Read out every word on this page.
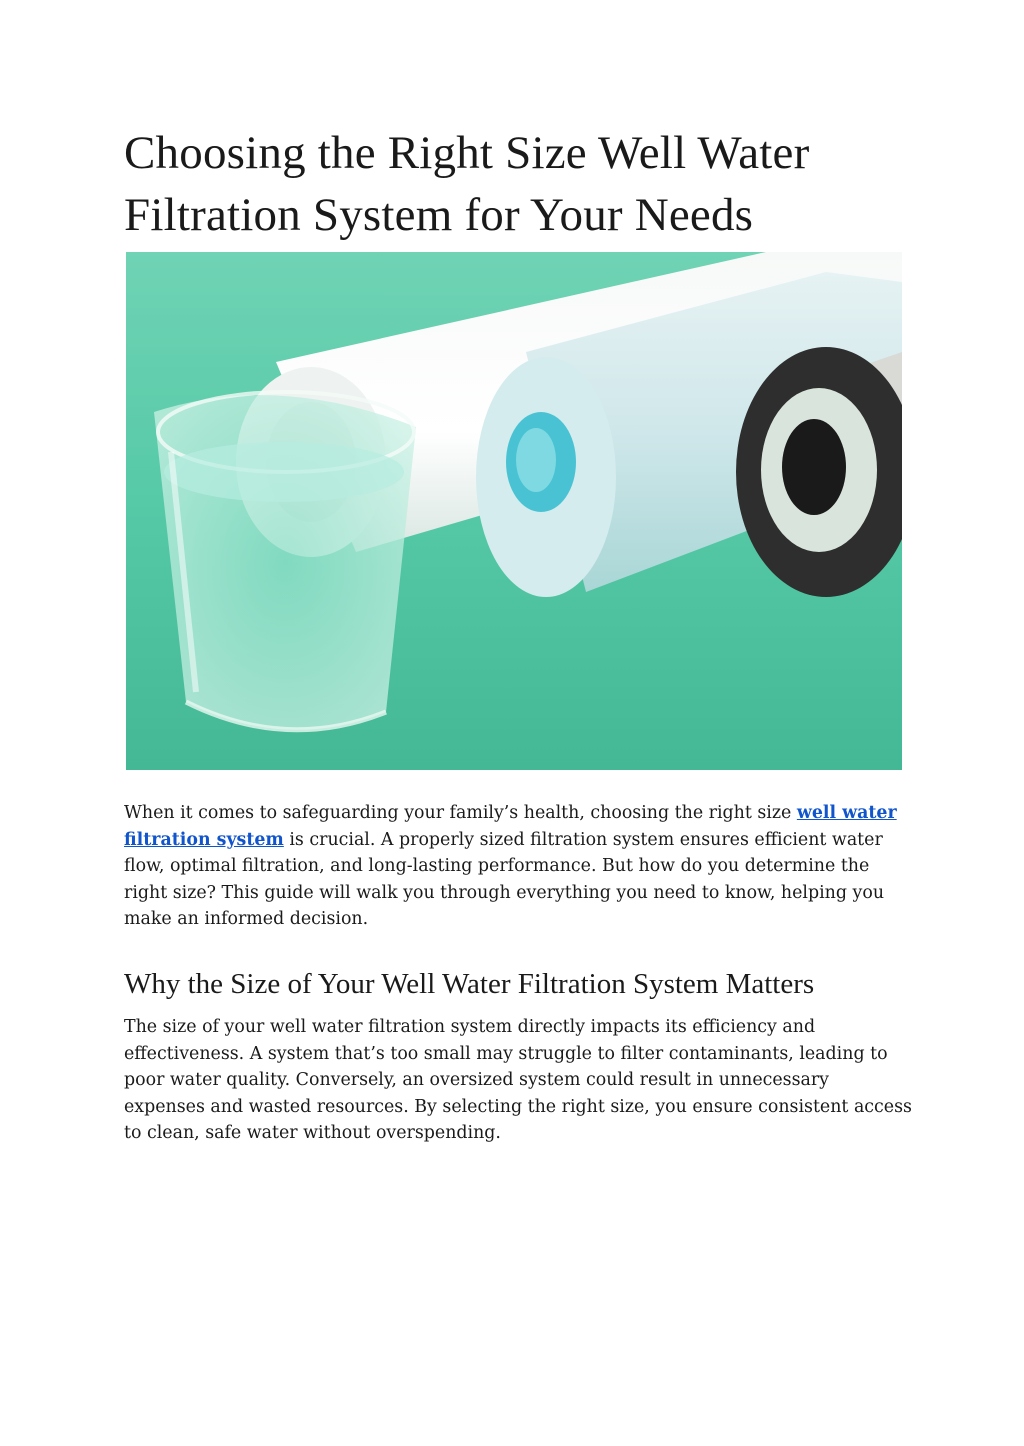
Choosing the Right Size Well Water Filtration System for Your Needs

When it comes to safeguarding your family’s health, choosing the right size well water filtration system is crucial. A properly sized filtration system ensures efficient water flow, optimal filtration, and long-lasting performance. But how do you determine the right size? This guide will walk you through everything you need to know, helping you make an informed decision.

Why the Size of Your Well Water Filtration System Matters

The size of your well water filtration system directly impacts its efficiency and effectiveness. A system that’s too small may struggle to filter contaminants, leading to poor water quality. Conversely, an oversized system could result in unnecessary expenses and wasted resources. By selecting the right size, you ensure consistent access to clean, safe water without overspending.
